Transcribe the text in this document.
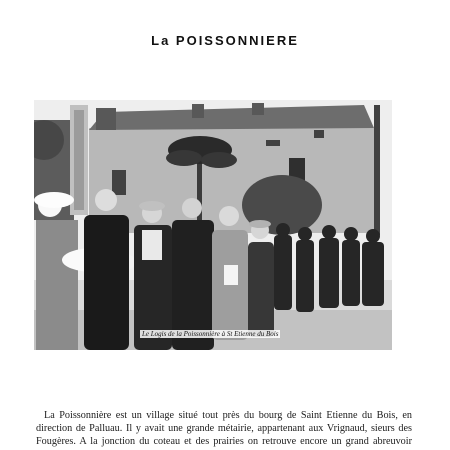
La POISSONNIERE
Le Logis de la Poissonnière à St Etienne du Bois
La Poissonnière est un village situé tout près du bourg de Saint Etienne du Bois, en
direction de Palluau. Il y avait une grande métairie, appartenant aux Vrignaud, sieurs des
Fougères. A la jonction du coteau et des prairies on retrouve encore un grand abreuvoir
